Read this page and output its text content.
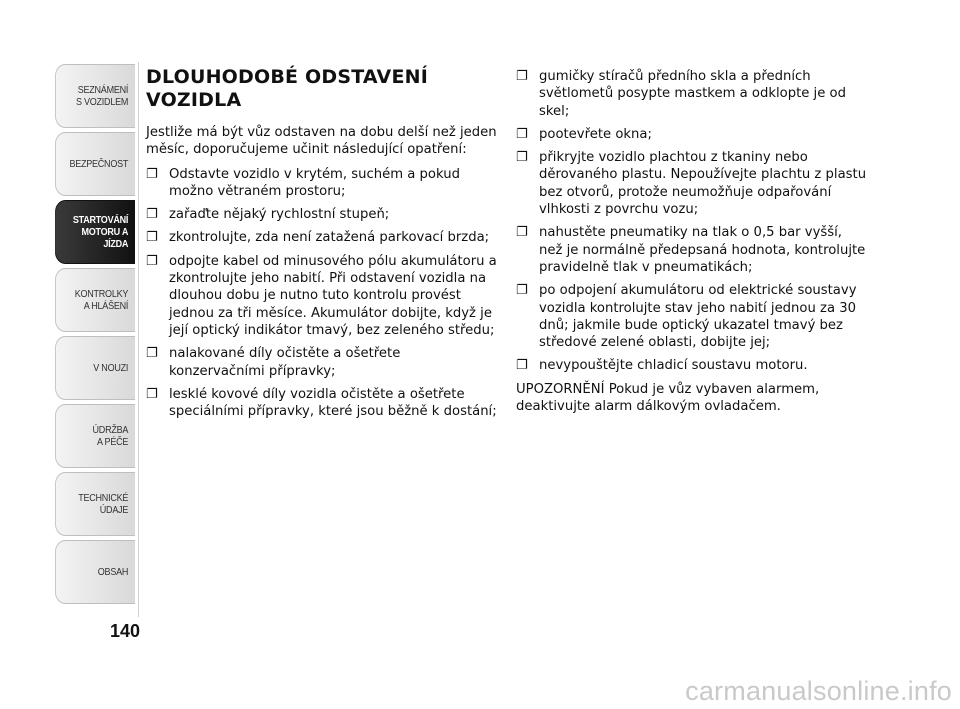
SEZNÁMENÍ
S VOZIDLEM
BEZPEČNOST
STARTOVÁNÍ
MOTORU A JÍZDA
KONTROLKY
A HLÁŠENÍ
V NOUZI
ÚDRŽBA
A PÉČE
TECHNICKÉ
ÚDAJE
OBSAH
140
DLOUHODOBÉ ODSTAVENÍ VOZIDLA

Jestliže má být vůz odstaven na dobu delší než jeden měsíc, doporučujeme učinit následující opatření:

❐ Odstavte vozidlo v krytém, suchém a pokud možno větraném prostoru;
❐ zařaďte nějaký rychlostní stupeň;
❐ zkontrolujte, zda není zatažená parkovací brzda;
❐ odpojte kabel od minusového pólu akumulátoru a zkontrolujte jeho nabití. Při odstavení vozidla na dlouhou dobu je nutno tuto kontrolu provést jednou za tři měsíce. Akumulátor dobijte, když je její optický indikátor tmavý, bez zeleného středu;
❐ nalakované díly očistěte a ošetřete konzervačními přípravky;
❐ lesklé kovové díly vozidla očistěte a ošetřete speciálními přípravky, které jsou běžně k dostání;
❐ gumičky stíračů předního skla a předních světlometů posypte mastkem a odklopte je od skel;
❐ pootevřete okna;
❐ přikryjte vozidlo plachtou z tkaniny nebo děrovaného plastu. Nepoužívejte plachtu z plastu bez otvorů, protože neumožňuje odpařování vlhkosti z povrchu vozu;
❐ nahustěte pneumatiky na tlak o 0,5 bar vyšší, než je normálně předepsaná hodnota, kontrolujte pravidelně tlak v pneumatikách;
❐ po odpojení akumulátoru od elektrické soustavy vozidla kontrolujte stav jeho nabití jednou za 30 dnů; jakmile bude optický ukazatel tmavý bez středové zelené oblasti, dobijte jej;
❐ nevypouštějte chladicí soustavu motoru.

UPOZORNĚNÍ Pokud je vůz vybaven alarmem, deaktivujte alarm dálkovým ovladačem.

carmanualsonline.info
